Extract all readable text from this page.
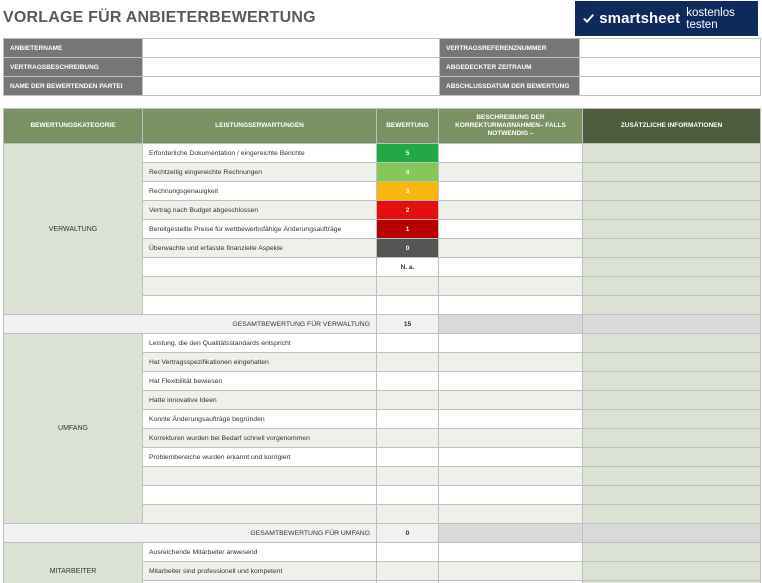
VORLAGE FÜR ANBIETERBEWERTUNG	smartsheet kostenlos testen
ANBIETERNAME		VERTRAGSREFERENZNUMMER	
VERTRAGSBESCHREIBUNG		ABGEDECKTER ZEITRAUM	
NAME DER BEWERTENDEN PARTEI		ABSCHLUSSDATUM DER BEWERTUNG	
BEWERTUNGSKATEGORIE	LEISTUNGSERWARTUNGEN	BEWERTUNG	BESCHREIBUNG DER KORREKTURMAẞNAHMEN– FALLS NOTWENDIG –	ZUSÄTZLICHE INFORMATIONEN
VERWALTUNG	Erforderliche Dokumentation / eingereichte Berichte	5		
	Rechtzeitig eingereichte Rechnungen	4		
	Rechnungsgenauigkeit	3		
	Vertrag nach Budget abgeschlossen	2		
	Bereitgestellte Preise für wettbewerbsfähige Änderungsaufträge	1		
	Überwachte und erfasste finanzielle Aspekte	0		
		N. a.		

GESAMTBEWERTUNG FÜR VERWALTUNG		15		
UMFANG	Leistung, die den Qualitätsstandards entspricht			
	Hat Vertragsspezifikationen eingehalten			
	Hat Flexibilität bewiesen			
	Hatte innovative Ideen			
	Konnte Änderungsaufträge begründen			
	Korrekturen wurden bei Bedarf schnell vorgenommen			
	Problembereiche wurden erkannt und korrigiert			

GESAMTBEWERTUNG FÜR UMFANG		0		
MITARBEITER	Ausreichende Mitarbeiter anwesend			
	Mitarbeiter sind professionell und kompetent			
